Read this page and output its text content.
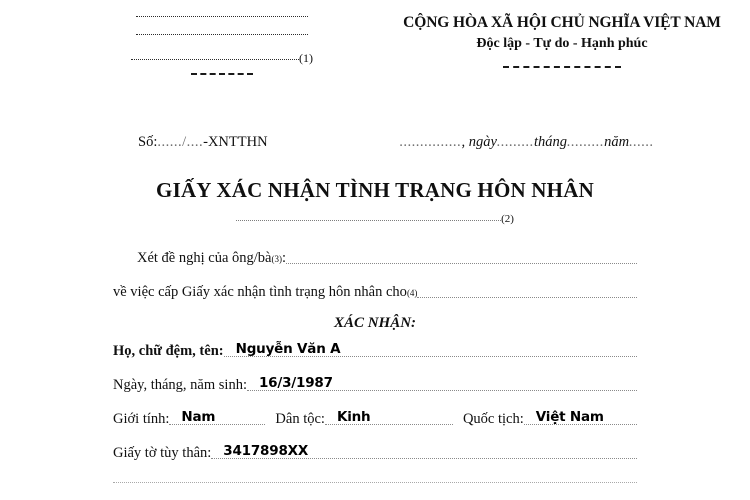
(1)
CỘNG HÒA XÃ HỘI CHỦ NGHĨA VIỆT NAM
Độc lập - Tự do - Hạnh phúc
Số:....../....-XNTTHN	..............., ngày.........tháng.........năm......
GIẤY XÁC NHẬN TÌNH TRẠNG HÔN NHÂN
(2)
Xét đề nghị của ông/bà (3) :
về việc cấp Giấy xác nhận tình trạng hôn nhân cho (4)
XÁC NHẬN:
Họ, chữ đệm, tên: Nguyễn Văn A
Ngày, tháng, năm sinh: 16/3/1987
Giới tính: Nam	Dân tộc: Kinh	Quốc tịch: Việt Nam
Giấy tờ tùy thân: 3417898XX
